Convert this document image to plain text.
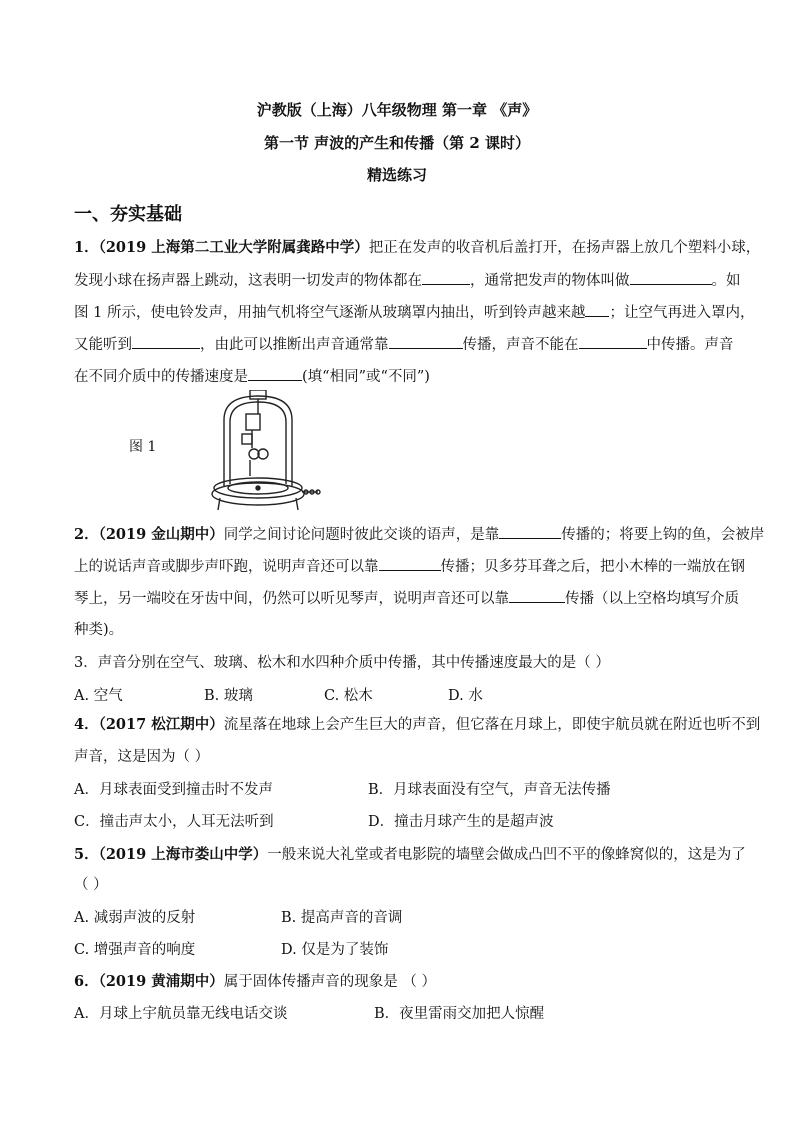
沪教版（上海）八年级物理 第一章 《声》
第一节 声波的产生和传播（第 2 课时）
精选练习
一、夯实基础
1．（2019 上海第二工业大学附属龚路中学）把正在发声的收音机后盖打开，在扬声器上放几个塑料小球，
发现小球在扬声器上跳动，这表明一切发声的物体都在	，通常把发声的物体叫做	。如
图 1 所示，使电铃发声，用抽气机将空气逐渐从玻璃罩内抽出，听到铃声越来越 ；让空气再进入罩内，
又能听到	，由此可以推断出声音通常靠	传播，声音不能在	中传播。声音
在不同介质中的传播速度是	(填“相同”或“不同”)
图 1
2．（2019 金山期中）同学之间讨论问题时彼此交谈的语声，是靠	传播的；将要上钩的鱼，会被岸
上的说话声音或脚步声吓跑，说明声音还可以靠	传播；贝多芬耳聋之后，把小木棒的一端放在钢
琴上，另一端咬在牙齿中间，仍然可以听见琴声，说明声音还可以靠	传播（以上空格均填写介质
种类)。
3．声音分别在空气、玻璃、松木和水四种介质中传播，其中传播速度最大的是（ ）
A. 空气	B. 玻璃	C. 松木	D. 水
4．（2017 松江期中）流星落在地球上会产生巨大的声音，但它落在月球上，即使宇航员就在附近也听不到
声音，这是因为（ ）
A．月球表面受到撞击时不发声	B．月球表面没有空气，声音无法传播
C．撞击声太小，人耳无法听到	D．撞击月球产生的是超声波
5．（2019 上海市娄山中学）一般来说大礼堂或者电影院的墙壁会做成凸凹不平的像蜂窝似的，这是为了
（ ）
A. 减弱声波的反射	B. 提高声音的音调
C. 增强声音的响度	D. 仅是为了装饰
6．（2019 黄浦期中）属于固体传播声音的现象是 （ ）
A．月球上宇航员靠无线电话交谈	B．夜里雷雨交加把人惊醒
